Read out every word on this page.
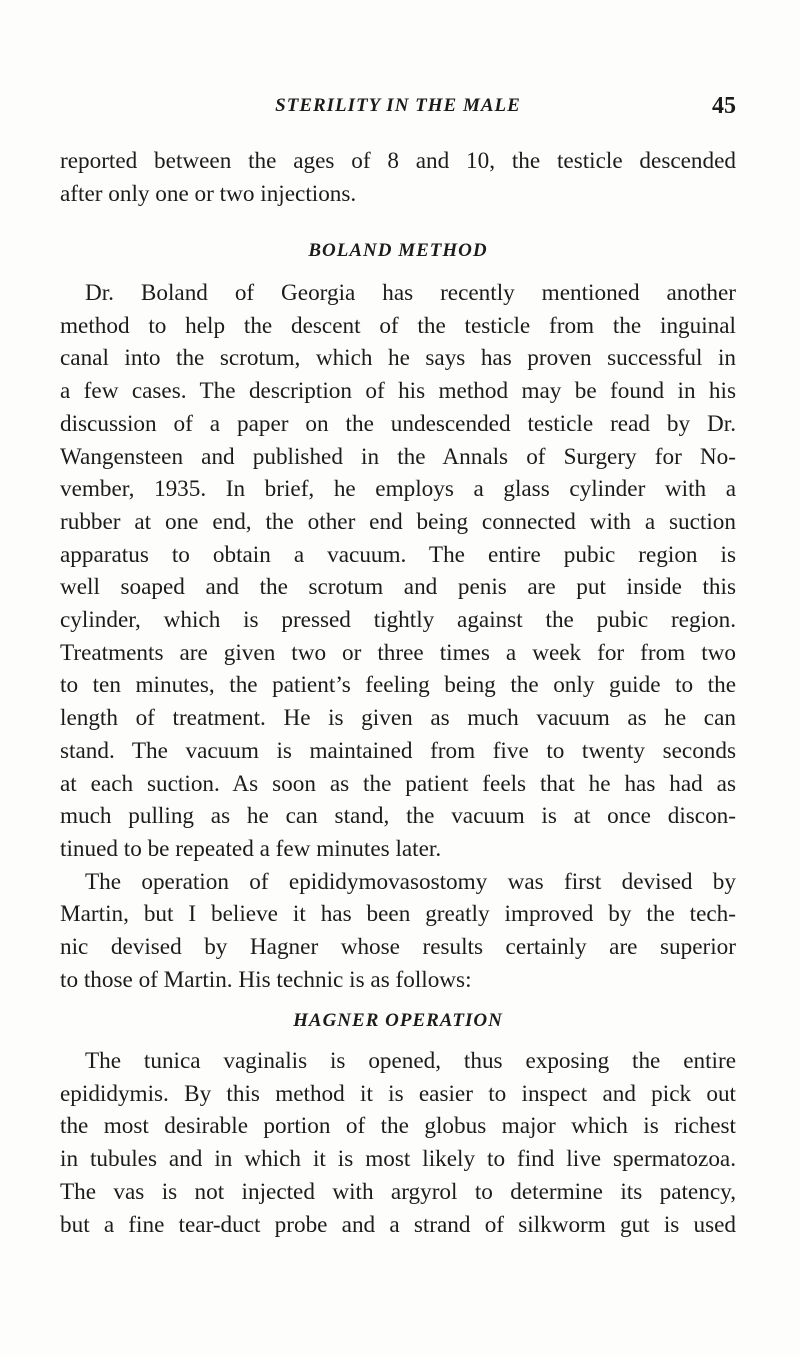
STERILITY IN THE MALE	45
reported between the ages of 8 and 10, the testicle descended
after only one or two injections.
BOLAND METHOD
Dr. Boland of Georgia has recently mentioned another
method to help the descent of the testicle from the inguinal
canal into the scrotum, which he says has proven successful in
a few cases. The description of his method may be found in his
discussion of a paper on the undescended testicle read by Dr.
Wangensteen and published in the Annals of Surgery for No-
vember, 1935. In brief, he employs a glass cylinder with a
rubber at one end, the other end being connected with a suction
apparatus to obtain a vacuum. The entire pubic region is
well soaped and the scrotum and penis are put inside this
cylinder, which is pressed tightly against the pubic region.
Treatments are given two or three times a week for from two
to ten minutes, the patient’s feeling being the only guide to the
length of treatment. He is given as much vacuum as he can
stand. The vacuum is maintained from five to twenty seconds
at each suction. As soon as the patient feels that he has had as
much pulling as he can stand, the vacuum is at once discon-
tinued to be repeated a few minutes later.
The operation of epididymovasostomy was first devised by
Martin, but I believe it has been greatly improved by the tech-
nic devised by Hagner whose results certainly are superior
to those of Martin. His technic is as follows:
HAGNER OPERATION
The tunica vaginalis is opened, thus exposing the entire
epididymis. By this method it is easier to inspect and pick out
the most desirable portion of the globus major which is richest
in tubules and in which it is most likely to find live spermatozoa.
The vas is not injected with argyrol to determine its patency,
but a fine tear-duct probe and a strand of silkworm gut is used
